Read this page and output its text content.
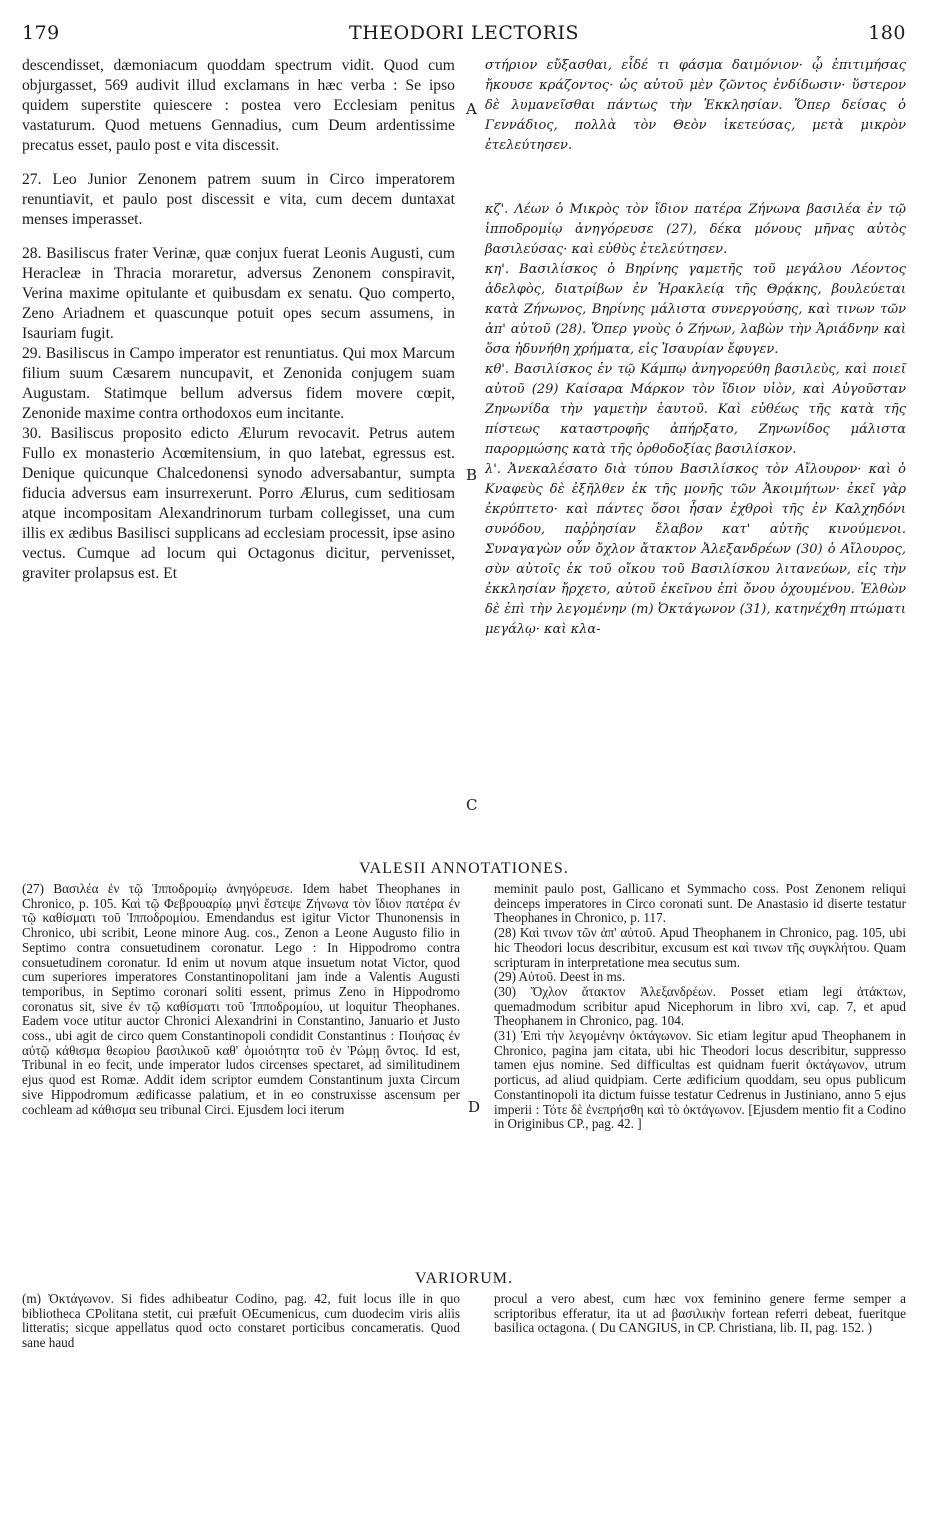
179	THEODORI LECTORIS	180

descendisset, dæmoniacum quoddam spectrum vidit. Quod cum objurgasset, 569 audivit illud exclamans in hæc verba : Se ipso quidem superstite quiescere : postea vero Ecclesiam penitus vastaturum. Quod metuens Gennadius, cum Deum ardentissime precatus esset, paulo post e vita discessit.

27. Leo Junior Zenonem patrem suum in Circo imperatorem renuntiavit, et paulo post discessit e vita, cum decem duntaxat menses imperasset.

28. Basiliscus frater Verinæ, quæ conjux fuerat Leonis Augusti, cum Heracleæ in Thracia moraretur, adversus Zenonem conspiravit, Verina maxime opitulante et quibusdam ex senatu. Quo comperto, Zeno Ariadnem et quascunque potuit opes secum assumens, in Isauriam fugit.

29. Basiliscus in Campo imperator est renuntiatus. Qui mox Marcum filium suum Cæsarem nuncupavit, et Zenonida conjugem suam Augustam. Statimque bellum adversus fidem movere cœpit, Zenonide maxime contra orthodoxos eum incitante.

30. Basiliscus proposito edicto Ælurum revocavit. Petrus autem Fullo ex monasterio Acœmitensium, in quo latebat, egressus est. Denique quicunque Chalcedonensi synodo adversabantur, sumpta fiducia adversus eam insurrexerunt. Porro Ælurus, cum seditiosam atque incompositam Alexandrinorum turbam collegisset, una cum illis ex ædibus Basilisci supplicans ad ecclesiam processit, ipse asino vectus. Cumque ad locum qui Octagonus dicitur, pervenisset, graviter prolapsus est. Et

A
B
C

στήριον εὔξασθαι, εἶδέ τι φάσμα δαιμόνιον· ᾧ ἐπιτιμήσας ἤκουσε κράζοντος· ὡς αὐτοῦ μὲν ζῶντος ἐνδίδωσιν· ὕστερον δὲ λυμανεῖσθαι πάντως τὴν Ἐκκλησίαν. Ὅπερ δείσας ὁ Γεννάδιος, πολλὰ τὸν Θεὸν ἱκετεύσας, μετὰ μικρὸν ἐτελεύτησεν.

κζ'. Λέων ὁ Μικρὸς τὸν ἴδιον πατέρα Ζήνωνα βασιλέα ἐν τῷ ἱπποδρομίῳ ἀνηγόρευσε (27), δέκα μόνους μῆνας αὐτὸς βασιλεύσας· καὶ εὐθὺς ἐτελεύτησεν.

κη'. Βασιλίσκος ὁ Βηρίνης γαμετῆς τοῦ μεγάλου Λέοντος ἀδελφὸς, διατρίβων ἐν Ἡρακλείᾳ τῆς Θρᾴκης, βουλεύεται κατὰ Ζήνωνος, Βηρίνης μάλιστα συνεργούσης, καὶ τινων τῶν ἀπ' αὐτοῦ (28). Ὅπερ γνοὺς ὁ Ζήνων, λαβὼν τὴν Ἀριάδνην καὶ ὅσα ἠδυνήθη χρήματα, εἰς Ἰσαυρίαν ἔφυγεν.

κθ'. Βασιλίσκος ἐν τῷ Κάμπῳ ἀνηγορεύθη βασιλεὺς, καὶ ποιεῖ αὐτοῦ (29) Καίσαρα Μάρκον τὸν ἴδιον υἱὸν, καὶ Αὐγοῦσταν Ζηνωνίδα τὴν γαμετὴν ἑαυτοῦ. Καὶ εὐθέως τῆς κατὰ τῆς πίστεως καταστροφῆς ἀπήρξατο, Ζηνωνίδος μάλιστα παρορμώσης κατὰ τῆς ὀρθοδοξίας βασιλίσκον.

λ'. Ἀνεκαλέσατο διὰ τύπου Βασιλίσκος τὸν Αἴλουρον· καὶ ὁ Κναφεὺς δὲ ἐξῆλθεν ἐκ τῆς μονῆς τῶν Ἀκοιμήτων· ἐκεῖ γὰρ ἐκρύπτετο· καὶ πάντες ὅσοι ἦσαν ἐχθροὶ τῆς ἐν Καλχηδόνι συνόδου, παῤῥησίαν ἔλαβον κατ' αὐτῆς κινούμενοι. Συναγαγὼν οὖν ὄχλον ἄτακτον Ἀλεξανδρέων (30) ὁ Αἴλουρος, σὺν αὐτοῖς ἐκ τοῦ οἴκου τοῦ Βασιλίσκου λιτανεύων, εἰς τὴν ἐκκλησίαν ἤρχετο, αὐτοῦ ἐκεῖνου ἐπὶ ὄνου ὀχουμένου. Ἐλθὼν δὲ ἐπὶ τὴν λεγομένην (m) Ὀκτάγωνον (31), κατηνέχθη πτώματι μεγάλῳ· καὶ κλα-

VALESII ANNOTATIONES.

(27) Βασιλέα ἐν τῷ Ἱπποδρομίῳ ἀνηγόρευσε. Idem habet Theophanes in Chronico, p. 105. Καὶ τῷ Φεβρουαρίῳ μηνὶ ἔστεψε Ζήνωνα τὸν ἴδιον πατέρα ἐν τῷ καθίσματι τοῦ Ἱπποδρομίου. Emendandus est igitur Victor Thunonensis in Chronico, ubi scribit, Leone minore Aug. cos., Zenon a Leone Augusto filio in Septimo contra consuetudinem coronatur. Lego : In Hippodromo contra consuetudinem coronatur. Id enim ut novum atque insuetum notat Victor, quod cum superiores imperatores Constantinopolitani jam inde a Valentis Augusti temporibus, in Septimo coronari soliti essent, primus Zeno in Hippodromo coronatus sit, sive ἐν τῷ καθίσματι τοῦ Ἱπποδρομίου, ut loquitur Theophanes. Eadem voce utitur auctor Chronici Alexandrini in Constantino, Januario et Justo coss., ubi agit de circo quem Constantinopoli condidit Constantinus : Ποιήσας ἐν αὐτῷ κάθισμα θεωρίου βασιλικοῦ καθ' ὁμοιότητα τοῦ ἐν Ῥώμῃ ὄντος. Id est, Tribunal in eo fecit, unde imperator ludos circenses spectaret, ad similitudinem ejus quod est Romæ. Addit idem scriptor eumdem Constantinum juxta Circum sive Hippodromum ædificasse palatium, et in eo construxisse ascensum per cochleam ad κάθισμα seu tribunal Circi. Ejusdem loci iterum	D

meminit paulo post, Gallicano et Symmacho coss. Post Zenonem reliqui deinceps imperatores in Circo coronati sunt. De Anastasio id diserte testatur Theophanes in Chronico, p. 117.

(28) Καὶ τινων τῶν ἀπ' αὐτοῦ. Apud Theophanem in Chronico, pag. 105, ubi hic Theodori locus describitur, excusum est καὶ τινων τῆς συγκλήτου. Quam scripturam in interpretatione mea secutus sum.

(29) Αὐτοῦ. Deest in ms.

(30) Ὄχλον ἄτακτον Ἀλεξανδρέων. Posset etiam legi ἀτάκτων, quemadmodum scribitur apud Nicephorum in libro xvi, cap. 7, et apud Theophanem in Chronico, pag. 104.

(31) Ἐπὶ τὴν λεγομένην ὀκτάγωνον. Sic etiam legitur apud Theophanem in Chronico, pagina jam citata, ubi hic Theodori locus describitur, suppresso tamen ejus nomine. Sed difficultas est quidnam fuerit ὀκτάγωνον, utrum porticus, ad aliud quidpiam. Certe ædificium quoddam, seu opus publicum Constantinopoli ita dictum fuisse testatur Cedrenus in Justiniano, anno 5 ejus imperii : Τότε δὲ ἐνεπρήσθη καὶ τὸ ὀκτάγωνον. [Ejusdem mentio fit a Codino in Originibus CP., pag. 42. ]

VARIORUM.

(m) Ὀκτάγωνον. Si fides adhibeatur Codino, pag. 42, fuit locus ille in quo bibliotheca CPolitana stetit, cui præfuit OEcumenicus, cum duodecim viris aliis litteratis; sicque appellatus quod octo constaret porticibus concameratis. Quod sane haud

procul a vero abest, cum hæc vox feminino genere ferme semper a scriptoribus efferatur, ita ut ad βασιλικὴν fortean referri debeat, fueritque basilica octagona. ( Du CANGIUS, in CP. Christiana, lib. II, pag. 152. )
